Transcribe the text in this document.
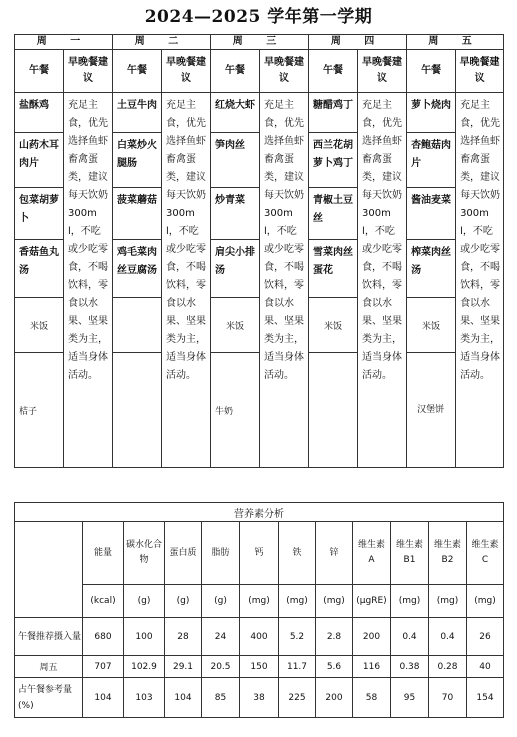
2024—2025 学年第一学期
周 一		周 二		周 三		周 四		周 五	
午餐	早晚餐建议	午餐	早晚餐建议	午餐	早晚餐建议	午餐	早晚餐建议	午餐	早晚餐建议
盐酥鸡	充足主食，优先选择鱼虾畜禽蛋类，建议每天饮奶300ml，不吃或少吃零食，不喝饮料，零食以水果、坚果类为主，适当身体活动。	土豆牛肉	充足主食，优先选择鱼虾畜禽蛋类，建议每天饮奶300ml，不吃或少吃零食，不喝饮料，零食以水果、坚果类为主，适当身体活动。	红烧大虾	充足主食，优先选择鱼虾畜禽蛋类，建议每天饮奶300ml，不吃或少吃零食，不喝饮料，零食以水果、坚果类为主，适当身体活动。	糖醋鸡丁	充足主食，优先选择鱼虾畜禽蛋类，建议每天饮奶300ml，不吃或少吃零食，不喝饮料，零食以水果、坚果类为主，适当身体活动。	萝卜烧肉	充足主食，优先选择鱼虾畜禽蛋类，建议每天饮奶300ml，不吃或少吃零食，不喝饮料，零食以水果、坚果类为主，适当身体活动。
山药木耳肉片		白菜炒火腿肠		笋肉丝		西兰花胡萝卜鸡丁		杏鲍菇肉片	
包菜胡萝卜		菠菜蘑菇		炒青菜		青椒土豆丝		酱油麦菜	
香菇鱼丸汤		鸡毛菜肉丝豆腐汤		肩尖小排汤		雪菜肉丝蛋花		榨菜肉丝汤	
米饭				米饭		米饭		米饭	
桔子				牛奶				汉堡饼	
营养素分析											
	能量	碳水化合物	蛋白质	脂肪	钙	铁	锌	维生素A	维生素B1	维生素B2	维生素C
	(kcal)	(g)	(g)	(g)	(mg)	(mg)	(mg)	(μgRE)	(mg)	(mg)	(mg)
午餐推荐摄入量	680	100	28	24	400	5.2	2.8	200	0.4	0.4	26
周五	707	102.9	29.1	20.5	150	11.7	5.6	116	0.38	0.28	40
占午餐参考量(%)	104	103	104	85	38	225	200	58	95	70	154
